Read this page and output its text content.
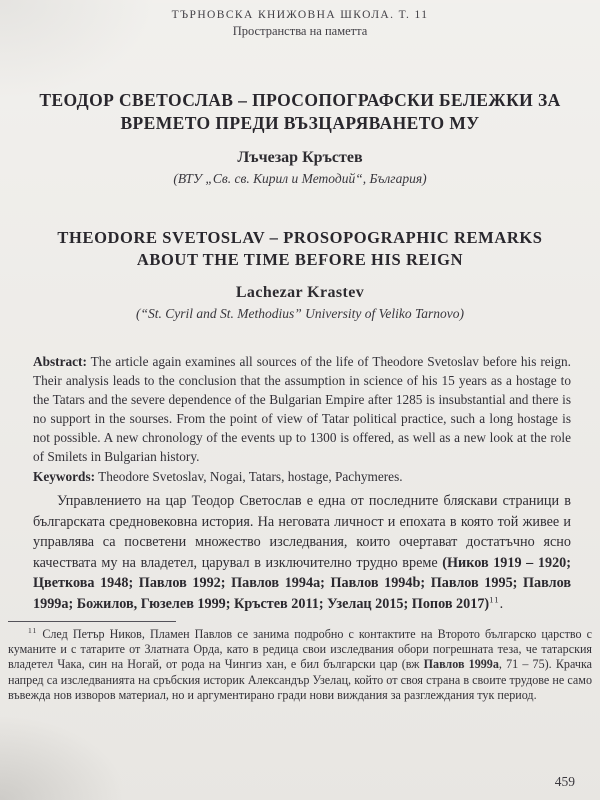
ТЪРНОВСКА КНИЖОВНА ШКОЛА. Т. 11
Пространства на паметта
ТЕОДОР СВЕТОСЛАВ – ПРОСОПОГРАФСКИ БЕЛЕЖКИ ЗА ВРЕМЕТО ПРЕДИ ВЪЗЦАРЯВАНЕТО МУ
Лъчезар Кръстев
(ВТУ „Св. св. Кирил и Методий“, България)
THEODORE SVETOSLAV – PROSOPOGRAPHIC REMARKS ABOUT THE TIME BEFORE HIS REIGN
Lachezar Krastev
(“St. Cyril and St. Methodius” University of Veliko Tarnovo)
Abstract: The article again examines all sources of the life of Theodore Svetoslav before his reign. Their analysis leads to the conclusion that the assumption in science of his 15 years as a hostage to the Tatars and the severe dependence of the Bulgarian Empire after 1285 is insubstantial and there is no support in the sourses. From the point of view of Tatar political practice, such a long hostage is not possible. A new chronology of the events up to 1300 is offered, as well as a new look at the role of Smilets in Bulgarian history.
Keywords: Theodore Svetoslav, Nogai, Tatars, hostage, Pachymeres.
Управлението на цар Теодор Светослав е една от последните бляскави страници в българската средновековна история. На неговата личност и епохата в която той живее и управлява са посветени множество изследвания, които очертават достатъчно ясно качествата му на владетел, царувал в изключително трудно време (Ников 1919 – 1920; Цветкова 1948; Павлов 1992; Павлов 1994a; Павлов 1994b; Павлов 1995; Павлов 1999a; Божилов, Гюзелев 1999; Кръстев 2011; Узелац 2015; Попов 2017)$^{11}$.
$^{11}$ След Петър Ников, Пламен Павлов се занима подробно с контактите на Второто българско царство с куманите и с татарите от Златната Орда, като в редица свои изследвания обори погрешната теза, че татарския владетел Чака, син на Ногай, от рода на Чингиз хан, е бил български цар (вж Павлов 1999a, 71 – 75). Крачка напред са изследванията на сръбския историк Александър Узелац, който от своя страна в своите трудове не само въвежда нов изворов материал, но и аргументирано гради нови виждания за разглеждания тук период.
459
